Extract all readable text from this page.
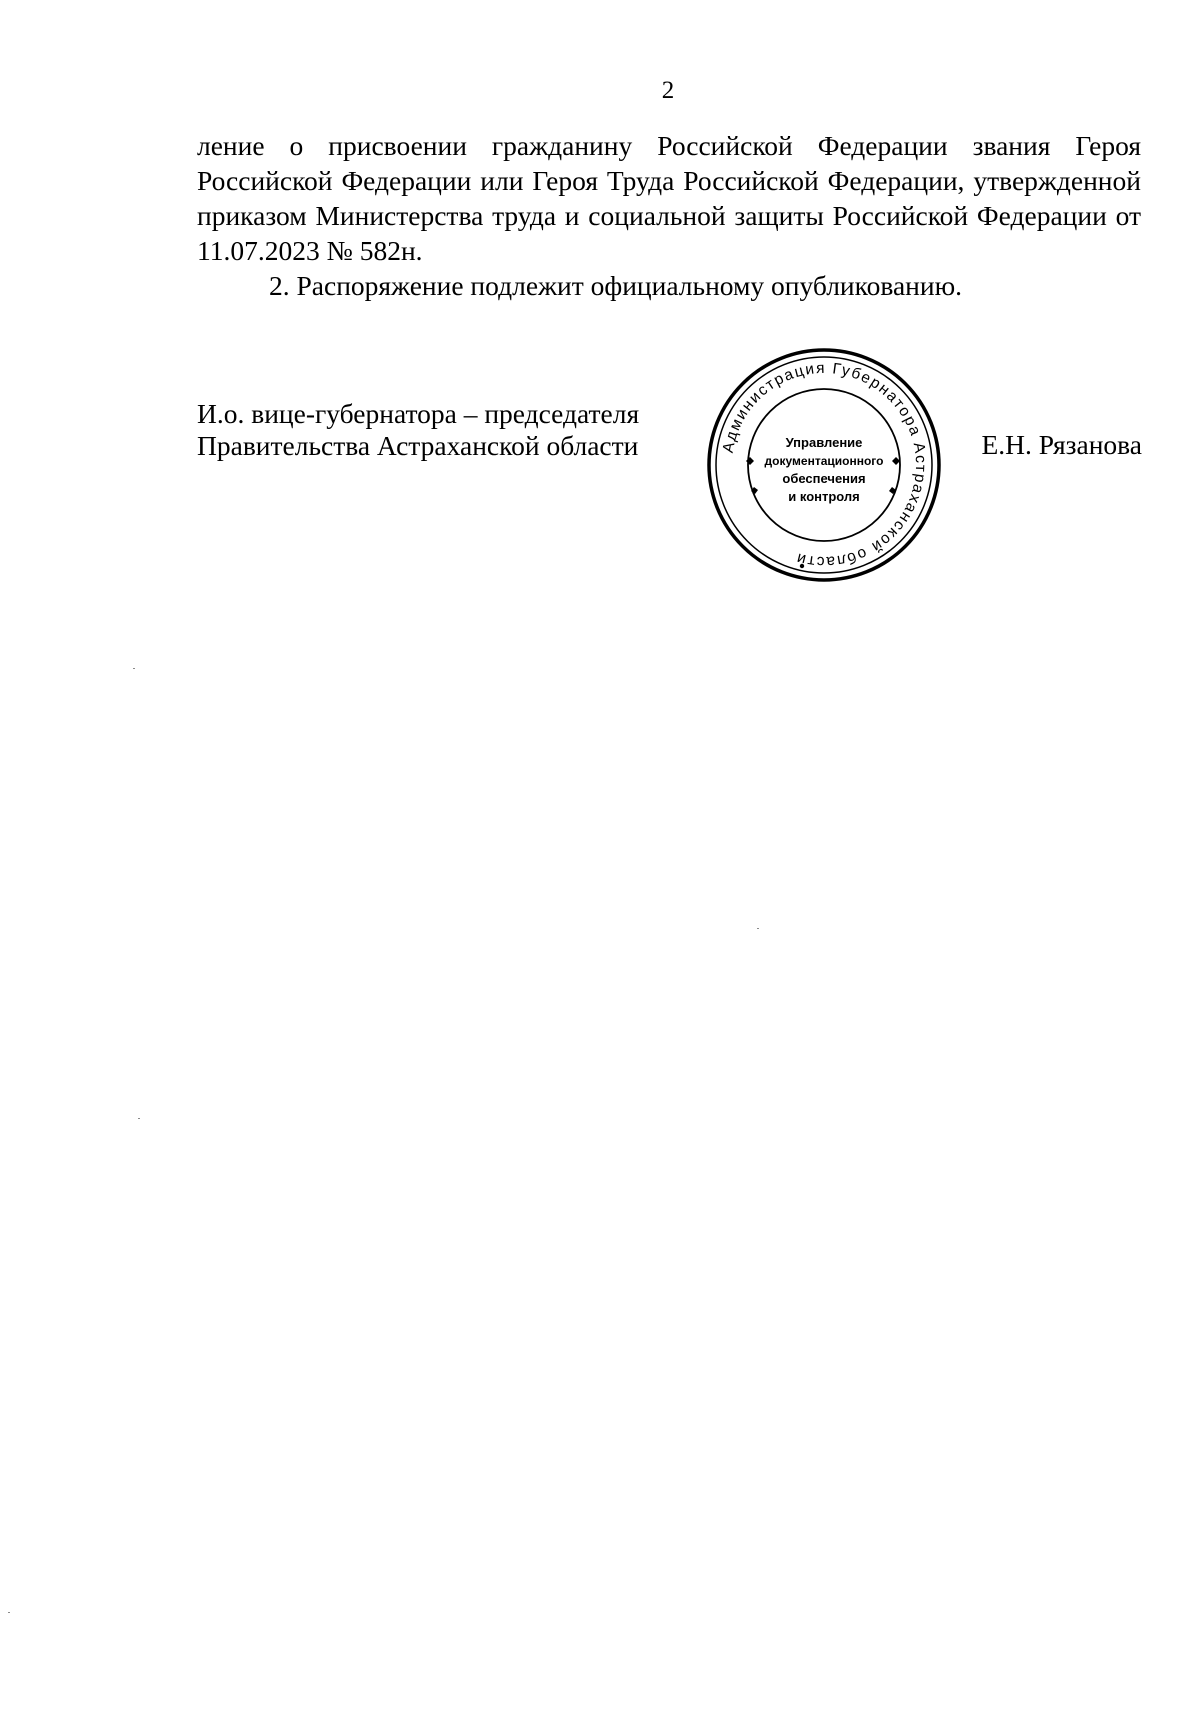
2

ление о присвоении гражданину Российской Федерации звания Героя Российской Федерации или Героя Труда Российской Федерации, утвержденной приказом Министерства труда и социальной защиты Российской Федерации от 11.07.2023 № 582н.

2. Распоряжение подлежит официальному опубликованию.

И.о. вице-губернатора – председателя
Правительства Астраханской области	Администрация Губернатора Астраханской области
Управление
документационного
обеспечения
и контроля
Е.Н. Рязанова
